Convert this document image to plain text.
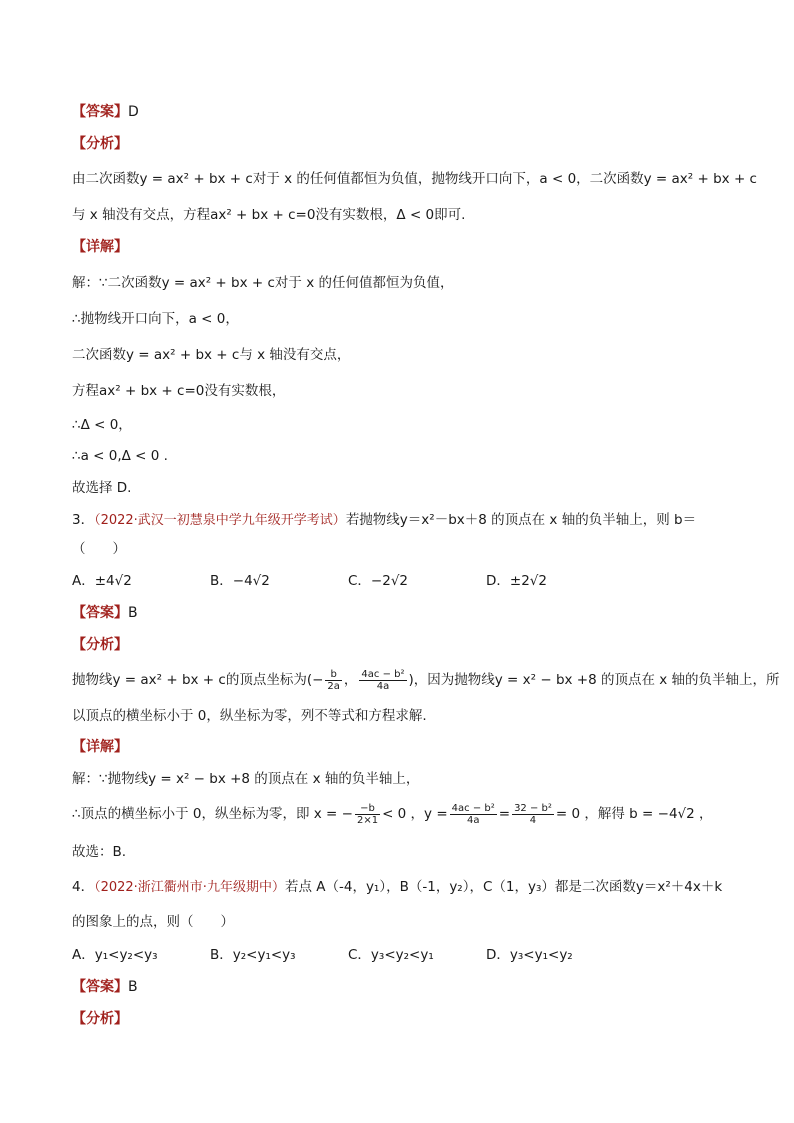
【答案】D
【分析】
由二次函数y = ax² + bx + c对于 x 的任何值都恒为负值，抛物线开口向下，a < 0，二次函数y = ax² + bx + c
与 x 轴没有交点，方程ax² + bx + c=0没有实数根，Δ < 0即可.
【详解】
解：∵二次函数y = ax² + bx + c对于 x 的任何值都恒为负值，
∴抛物线开口向下，a < 0，
二次函数y = ax² + bx + c与 x 轴没有交点，
方程ax² + bx + c=0没有实数根，
∴Δ < 0，
∴a < 0,Δ < 0 .
故选择 D.
3．（2022·武汉一初慧泉中学九年级开学考试）若抛物线y＝x²－bx＋8 的顶点在 x 轴的负半轴上，则 b＝
（　　）
A．±4√2	B．−4√2	C．−2√2	D．±2√2
【答案】B
【分析】
抛物线y = ax² + bx + c的顶点坐标为(− $\frac{b}{2a}$ ， $\frac{\text{4ac − b²}}{4a}$ )，因为抛物线y = x² − bx +8 的顶点在 x 轴的负半轴上，所
以顶点的横坐标小于 0，纵坐标为零，列不等式和方程求解.
【详解】
解：∵抛物线y = x² − bx +8 的顶点在 x 轴的负半轴上，
∴顶点的横坐标小于 0，纵坐标为零，即 x = − $\frac{-b}{2\times 1} < 0$ ，$y = \frac{\text{4ac − b²}}{4a} = \frac{\text{32 − b²}}{4} = 0$ ，解得 b = −4√2 ，
故选：B.
4．（2022·浙江衢州市·九年级期中）若点 A（-4，y₁），B（-1，y₂），C（1，y₃）都是二次函数y＝x²＋4x＋k
的图象上的点，则（　　）
A．y₁<y₂<y₃	B．y₂<y₁<y₃	C．y₃<y₂<y₁	D．y₃<y₁<y₂
【答案】B
【分析】
